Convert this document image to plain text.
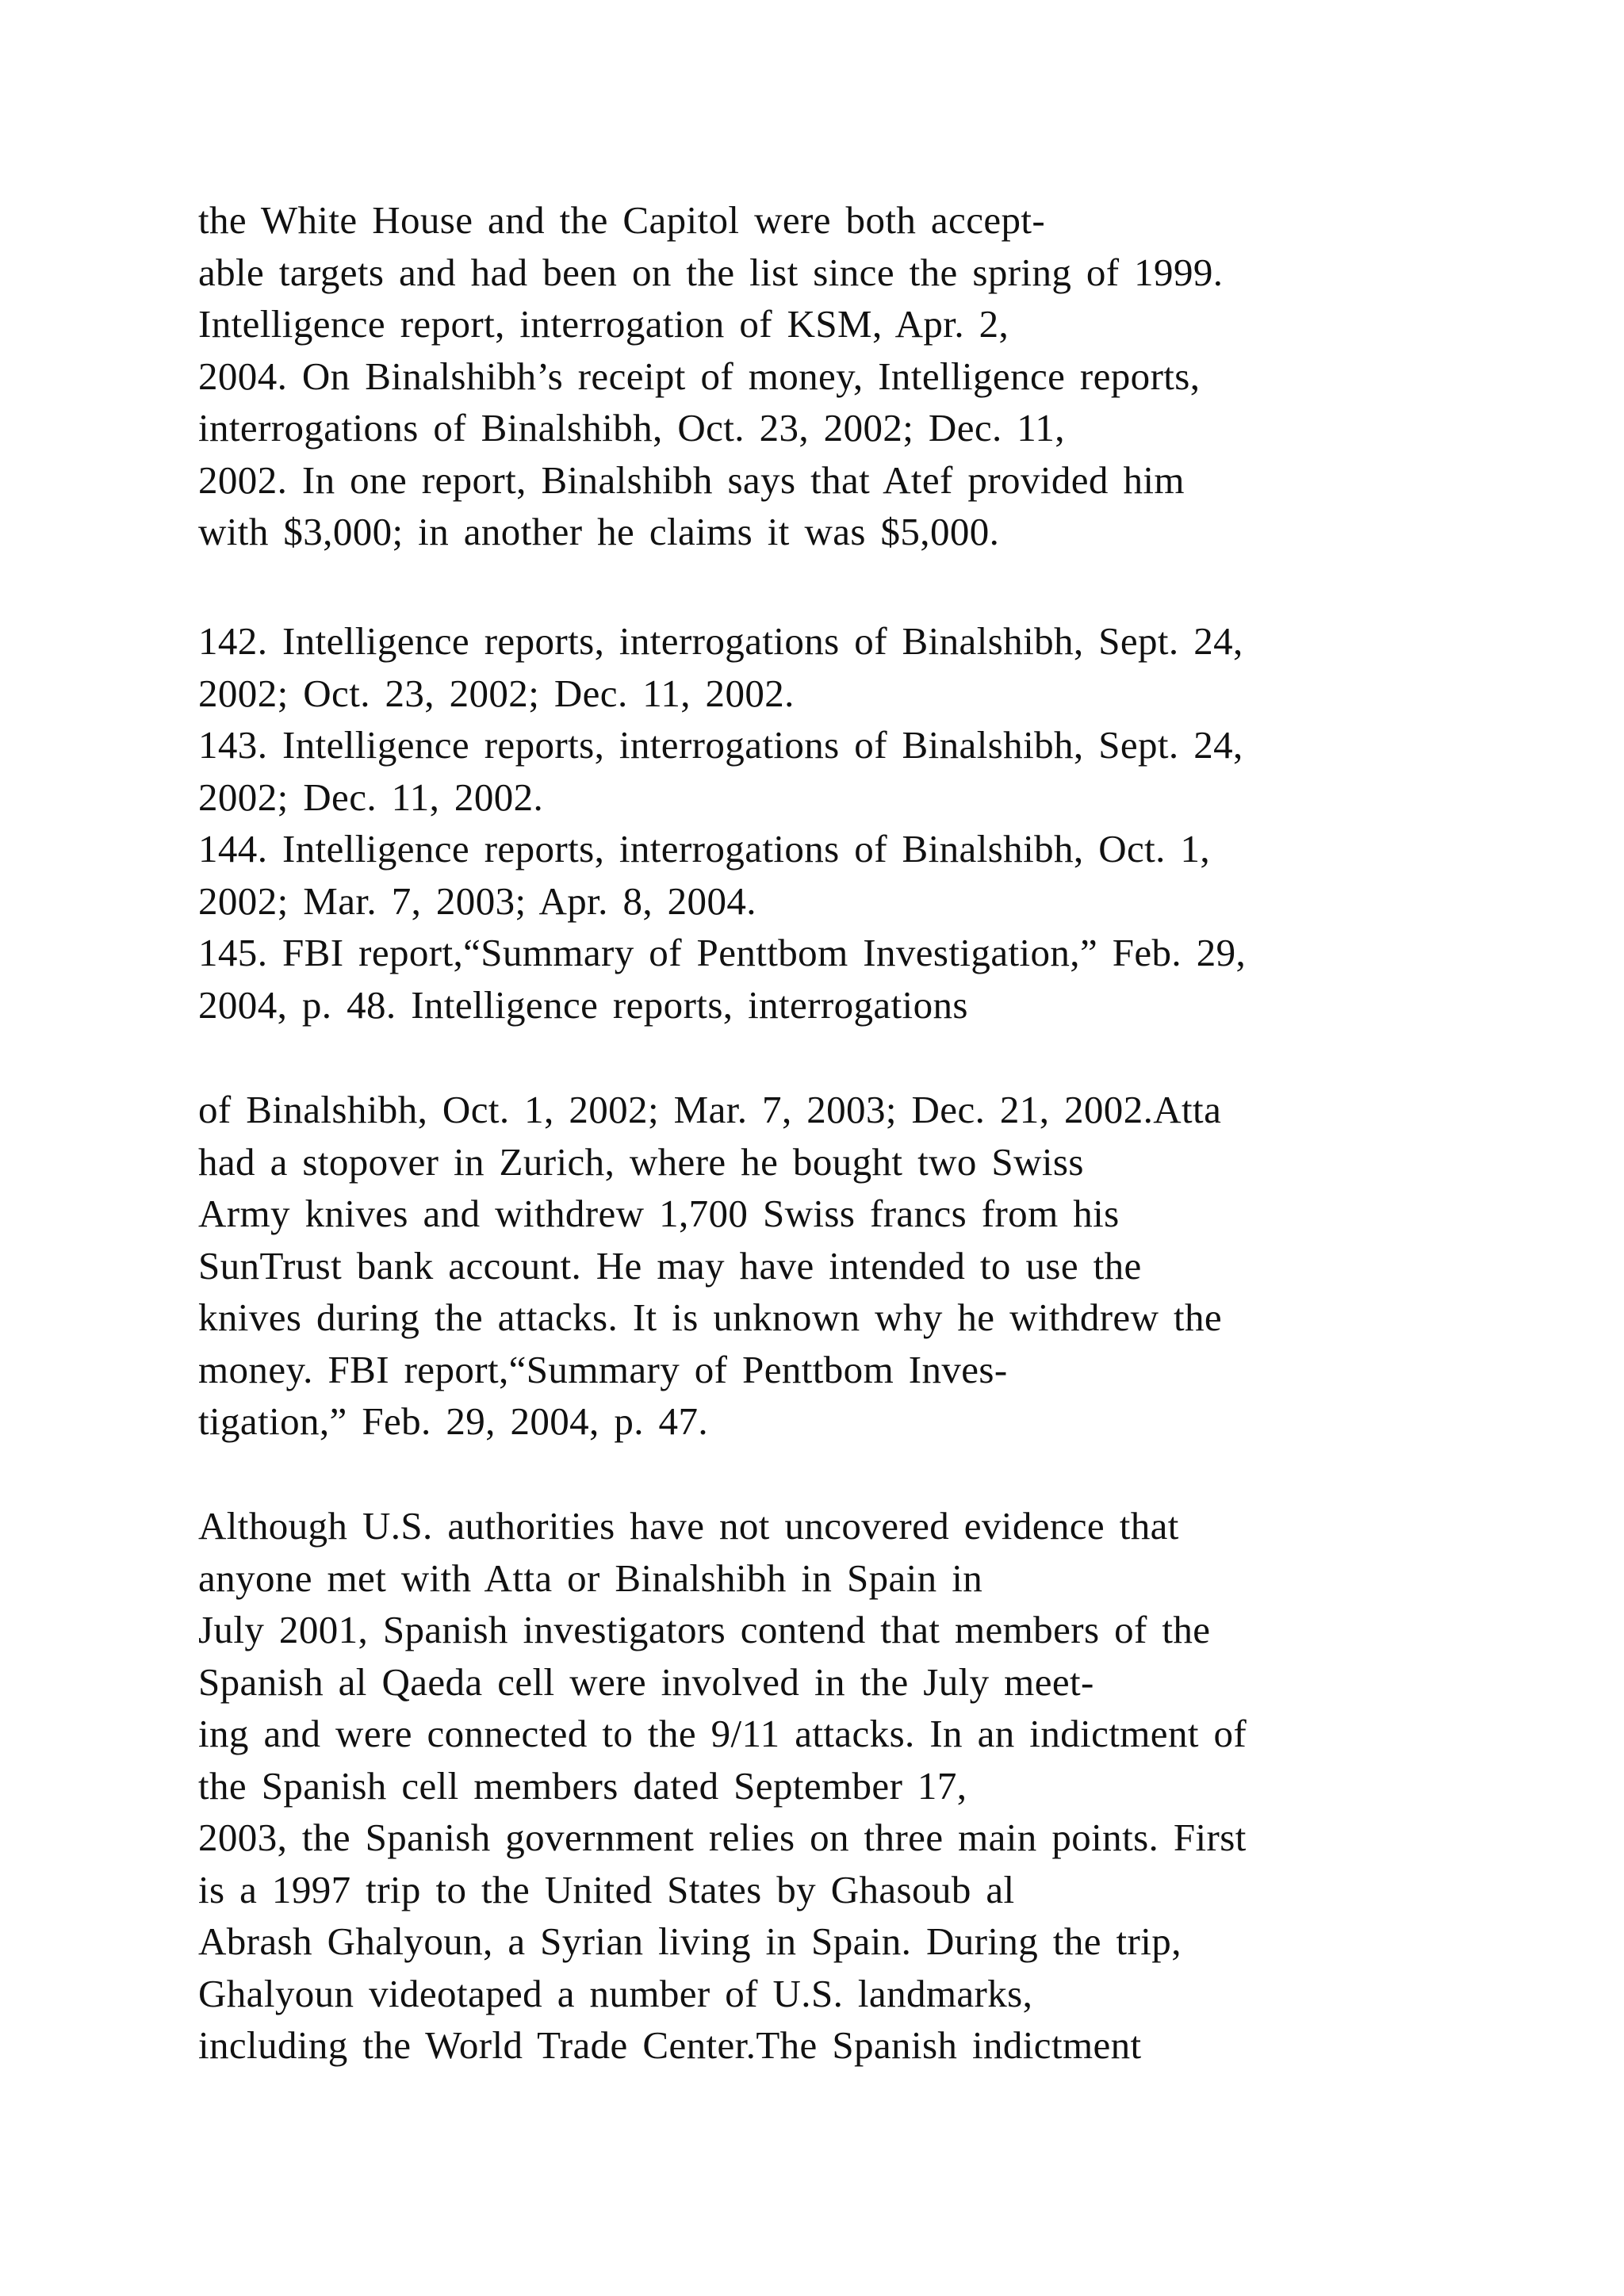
the White House and the Capitol were both accept-
able targets and had been on the list since the spring of 1999.
Intelligence report, interrogation of KSM, Apr. 2,
2004. On Binalshibh’s receipt of money, Intelligence reports,
interrogations of Binalshibh, Oct. 23, 2002; Dec. 11,
2002. In one report, Binalshibh says that Atef provided him
with $3,000; in another he claims it was $5,000.
142. Intelligence reports, interrogations of Binalshibh, Sept. 24,
2002; Oct. 23, 2002; Dec. 11, 2002.
143. Intelligence reports, interrogations of Binalshibh, Sept. 24,
2002; Dec. 11, 2002.
144. Intelligence reports, interrogations of Binalshibh, Oct. 1,
2002; Mar. 7, 2003; Apr. 8, 2004.
145. FBI report,“Summary of Penttbom Investigation,” Feb. 29,
2004, p. 48. Intelligence reports, interrogations
of Binalshibh, Oct. 1, 2002; Mar. 7, 2003; Dec. 21, 2002.Atta
had a stopover in Zurich, where he bought two Swiss
Army knives and withdrew 1,700 Swiss francs from his
SunTrust bank account. He may have intended to use the
knives during the attacks. It is unknown why he withdrew the
money. FBI report,“Summary of Penttbom Inves-
tigation,” Feb. 29, 2004, p. 47.
Although U.S. authorities have not uncovered evidence that
anyone met with Atta or Binalshibh in Spain in
July 2001, Spanish investigators contend that members of the
Spanish al Qaeda cell were involved in the July meet-
ing and were connected to the 9/11 attacks. In an indictment of
the Spanish cell members dated September 17,
2003, the Spanish government relies on three main points. First
is a 1997 trip to the United States by Ghasoub al
Abrash Ghalyoun, a Syrian living in Spain. During the trip,
Ghalyoun videotaped a number of U.S. landmarks,
including the World Trade Center.The Spanish indictment
